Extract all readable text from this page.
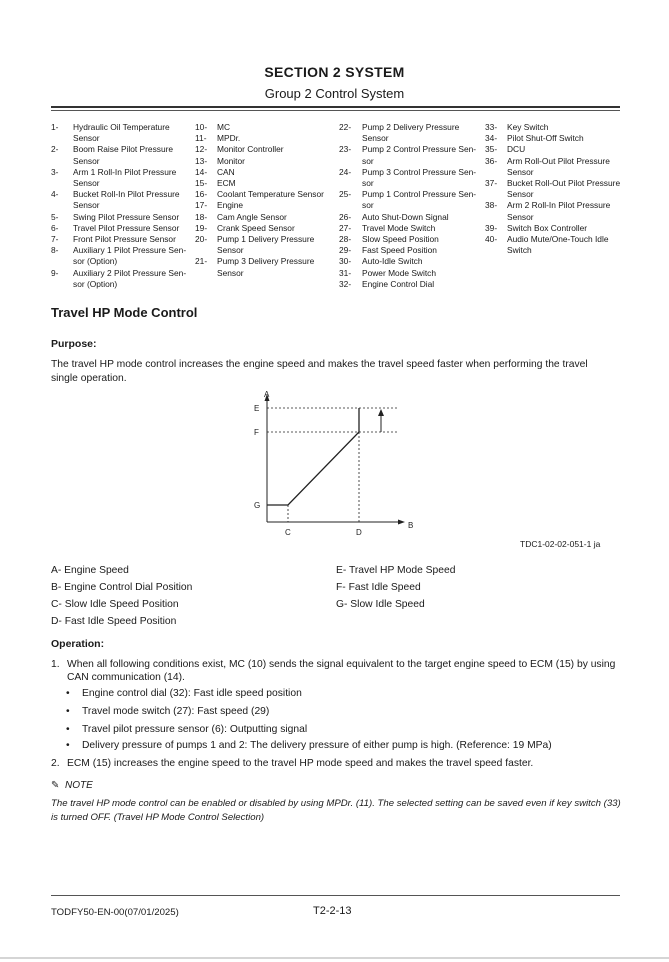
SECTION 2 SYSTEM
Group 2 Control System
1-	Hydraulic Oil Temperature Sensor
2-	Boom Raise Pilot Pressure Sensor
3-	Arm 1 Roll-In Pilot Pressure Sensor
4-	Bucket Roll-In Pilot Pressure Sensor
5-	Swing Pilot Pressure Sensor
6-	Travel Pilot Pressure Sensor
7-	Front Pilot Pressure Sensor
8-	Auxiliary 1 Pilot Pressure Sen- sor (Option)
9-	Auxiliary 2 Pilot Pressure Sen- sor (Option)
10-	MC
11-	MPDr.
12-	Monitor Controller
13-	Monitor
14-	CAN
15-	ECM
16-	Coolant Temperature Sensor
17-	Engine
18-	Cam Angle Sensor
19-	Crank Speed Sensor
20-	Pump 1 Delivery Pressure Sensor
21-	Pump 3 Delivery Pressure Sensor
22-	Pump 2 Delivery Pressure Sensor
23-	Pump 2 Control Pressure Sen- sor
24-	Pump 3 Control Pressure Sen- sor
25-	Pump 1 Control Pressure Sen- sor
26-	Auto Shut-Down Signal
27-	Travel Mode Switch
28-	Slow Speed Position
29-	Fast Speed Position
30-	Auto-Idle Switch
31-	Power Mode Switch
32-	Engine Control Dial
33-	Key Switch
34-	Pilot Shut-Off Switch
35-	DCU
36-	Arm Roll-Out Pilot Pressure Sensor
37-	Bucket Roll-Out Pilot Pressure Sensor
38-	Arm 2 Roll-In Pilot Pressure Sensor
39-	Switch Box Controller
40-	Audio Mute/One-Touch Idle Switch
Travel HP Mode Control
Purpose:
The travel HP mode control increases the engine speed and makes the travel speed faster when performing the travel single operation.
A
E
F
G
C	D
B
TDC1-02-02-051-1 ja
A- Engine Speed
B- Engine Control Dial Position
C- Slow Idle Speed Position
D- Fast Idle Speed Position
E- Travel HP Mode Speed
F- Fast Idle Speed
G- Slow Idle Speed
Operation:
1. When all following conditions exist, MC (10) sends the signal equivalent to the target engine speed to ECM (15) by using CAN communication (14).
• Engine control dial (32): Fast idle speed position
• Travel mode switch (27): Fast speed (29)
• Travel pilot pressure sensor (6): Outputting signal
• Delivery pressure of pumps 1 and 2: The delivery pressure of either pump is high. (Reference: 19 MPa)
2. ECM (15) increases the engine speed to the travel HP mode speed and makes the travel speed faster.
✎ NOTE
The travel HP mode control can be enabled or disabled by using MPDr. (11). The selected setting can be saved even if key switch (33) is turned OFF. (Travel HP Mode Control Selection)
TODFY50-EN-00(07/01/2025)	T2-2-13
